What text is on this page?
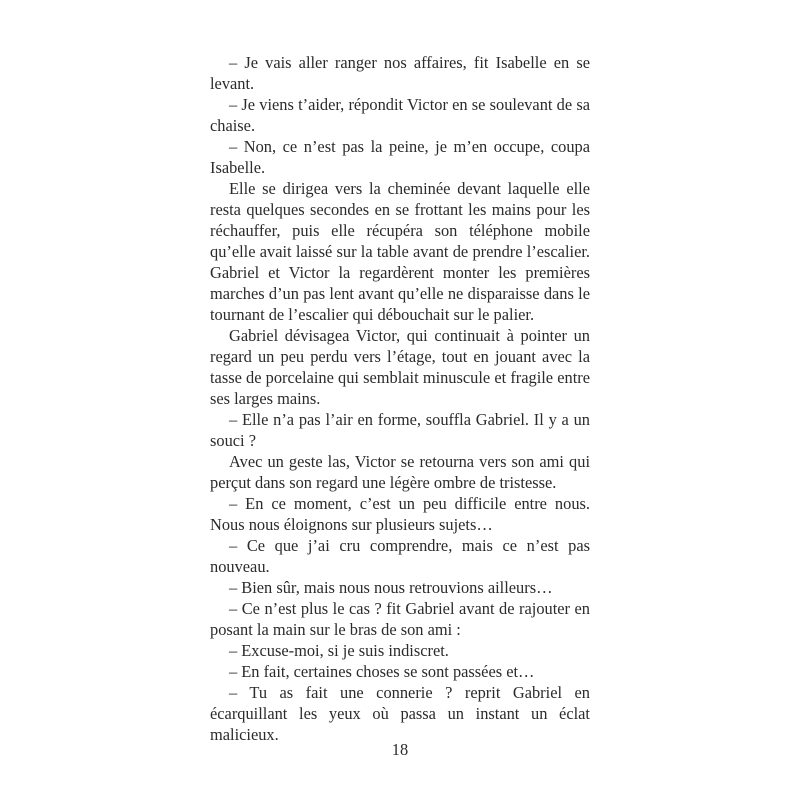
– Je vais aller ranger nos affaires, fit Isabelle en se levant.

– Je viens t’aider, répondit Victor en se soulevant de sa chaise.

– Non, ce n’est pas la peine, je m’en occupe, coupa Isabelle.

Elle se dirigea vers la cheminée devant laquelle elle resta quelques secondes en se frottant les mains pour les réchauffer, puis elle récupéra son téléphone mobile qu’elle avait laissé sur la table avant de prendre l’escalier. Gabriel et Victor la regardèrent monter les premières marches d’un pas lent avant qu’elle ne disparaisse dans le tournant de l’escalier qui débouchait sur le palier.

Gabriel dévisagea Victor, qui continuait à pointer un regard un peu perdu vers l’étage, tout en jouant avec la tasse de porcelaine qui semblait minuscule et fragile entre ses larges mains.

– Elle n’a pas l’air en forme, souffla Gabriel. Il y a un souci ?

Avec un geste las, Victor se retourna vers son ami qui perçut dans son regard une légère ombre de tristesse.

– En ce moment, c’est un peu difficile entre nous. Nous nous éloignons sur plusieurs sujets…

– Ce que j’ai cru comprendre, mais ce n’est pas nouveau.

– Bien sûr, mais nous nous retrouvions ailleurs…

– Ce n’est plus le cas ? fit Gabriel avant de rajouter en posant la main sur le bras de son ami :

– Excuse-moi, si je suis indiscret.

– En fait, certaines choses se sont passées et…

– Tu as fait une connerie ? reprit Gabriel en écarquillant les yeux où passa un instant un éclat malicieux.

18
